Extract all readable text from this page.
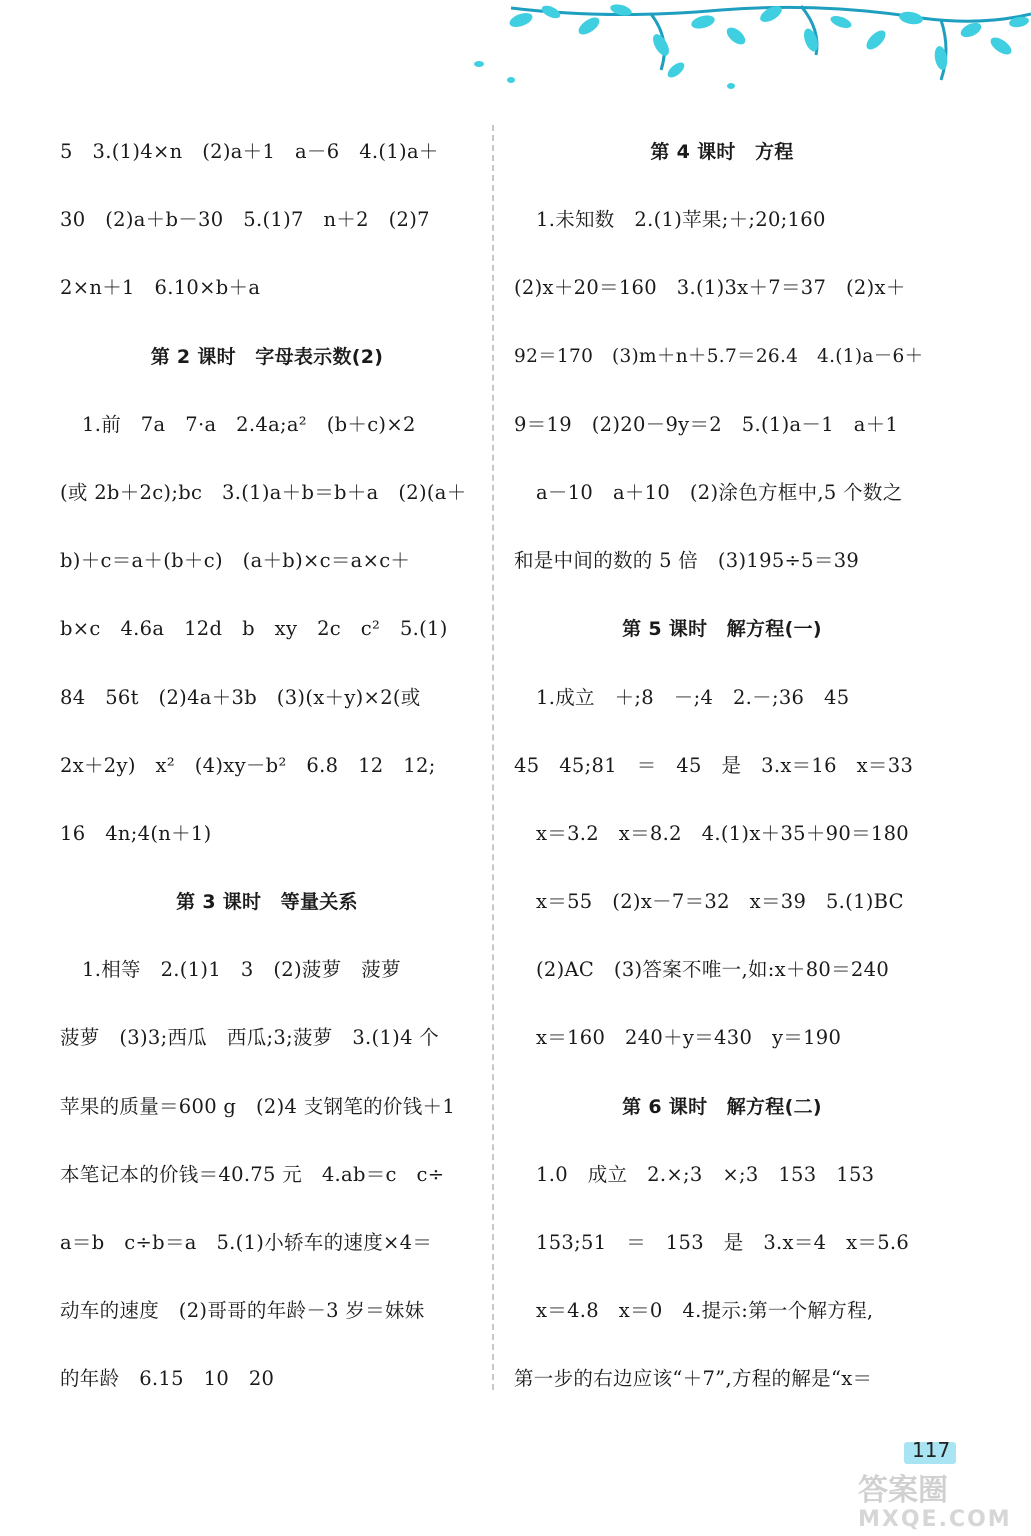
5　3.(1)4×n　(2)a＋1　a－6　4.(1)a＋
30　(2)a＋b－30　5.(1)7　n＋2　(2)7
2×n＋1　6.10×b＋a
第 2 课时　字母表示数(2)
1.前　7a　7·a　2.4a;a²　(b＋c)×2
(或 2b＋2c);bc　3.(1)a＋b＝b＋a　(2)(a＋
b)＋c＝a＋(b＋c)　(a＋b)×c＝a×c＋
b×c　4.6a　12d　b　xy　2c　c²　5.(1)
84　56t　(2)4a＋3b　(3)(x＋y)×2(或
2x＋2y)　x²　(4)xy－b²　6.8　12　12;
16　4n;4(n＋1)
第 3 课时　等量关系
1.相等　2.(1)1　3　(2)菠萝　菠萝
菠萝　(3)3;西瓜　西瓜;3;菠萝　3.(1)4 个
苹果的质量＝600 g　(2)4 支钢笔的价钱＋1
本笔记本的价钱＝40.75 元　4.ab＝c　c÷
a＝b　c÷b＝a　5.(1)小轿车的速度×4＝
动车的速度　(2)哥哥的年龄－3 岁＝妹妹
的年龄　6.15　10　20
第 4 课时　方程
1.未知数　2.(1)苹果;＋;20;160
(2)x＋20＝160　3.(1)3x＋7＝37　(2)x＋
92＝170　(3)m＋n＋5.7＝26.4　4.(1)a－6＋
9＝19　(2)20－9y＝2　5.(1)a－1　a＋1
a－10　a＋10　(2)涂色方框中,5 个数之
和是中间的数的 5 倍　(3)195÷5＝39
第 5 课时　解方程(一)
1.成立　＋;8　－;4　2.－;36　45
45　45;81　＝　45　是　3.x＝16　x＝33
x＝3.2　x＝8.2　4.(1)x＋35＋90＝180
x＝55　(2)x－7＝32　x＝39　5.(1)BC
(2)AC　(3)答案不唯一,如:x＋80＝240
x＝160　240＋y＝430　y＝190
第 6 课时　解方程(二)
1.0　成立　2.×;3　×;3　153　153
153;51　＝　153　是　3.x＝4　x＝5.6
x＝4.8　x＝0　4.提示:第一个解方程,
第一步的右边应该“＋7”,方程的解是“x＝
117
答案圈
MXQE.COM
